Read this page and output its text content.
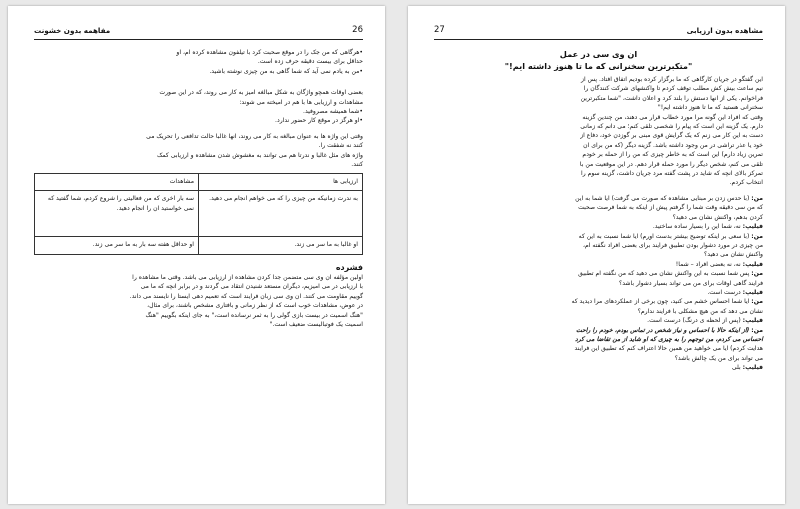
26
مفاهمه بدون خشونت

•هرگاهی که من جک را در موقع صحبت کرد با تیلفون مشاهده کرده ام، او

حداقل برای بیست دقیقه حرف زده است.

•من به یادم نمی آید که شما گاهی به من چیزی نوشته باشید.

بعضی اوقات همچو واژگان به شکل مبالغه امیز به کار می روند، که در این صورت

مشاهدات و ارزیابی ها با هم در امیخته می شوند:

•شما همیشه مصروفید.

•او هرگز در موقع کار حضور ندارد.

وقتی این واژه ها به عنوان مبالغه به کار می روند، انها غالبا حالت تدافعی را تحریک می

کنند نه شفقت را.

واژه های مثل غالبا و ندرتا هم می توانند به مغشوش شدن مشاهده و ارزیابی کمک

کنند.

ارزیابی ها	مشاهدات
به ندرت زمانیکه من چیزی را که می خواهم انجام می دهید.	سه بار اخری که من فعالیتی را شروع کردم، شما گفتید که نمی خواستید ان را انجام دهید.
او غالبا به ما سر می زند.	او حداقل هفته سه بار به ما سر می زند.

فشرده

اولین مؤلفه ان وی سی متضمن جدا کردن مشاهده از ارزیابی می باشد. وقتی ما مشاهده را

با ارزیابی در می امیزیم، دیگران مستعد شنیدن انتقاد می گردند و در برابر انچه که ما می

گوییم مقاومت می کنند. ان وی سی زبان فرایند است که تعمیم دهی ایستا را نایسند می داند.

در عوض، مشاهدات خوب است که از نظر زمانی و بافتاری مشخص باشند، برای مثال،

"هنگ اسمیت در بیست بازی گولی را به ثمر نرسانده است،" به جای اینکه بگوییم "هنگ

اسمیت یک فوتبالیست ضعیف است."

27	مشاهده بدون ارزیابی

ان وی سی در عمل

"متکبرترین سخنرانی که ما تا هنوز داشته ایم!"

این گفتگو در جریان کارگاهی که ما برگزار کرده بودیم اتفاق افتاد. پس از

نیم ساعت بیش کش مطلب توقف کردم تا واکنشهای شرکت کنندگان را

فراخوانم. یکی از انها دستش را بلند کرد و اعلان داشت، "شما متکبرترین

سخنرانی هستید که ما تا هنوز داشته ایم!"

وقتی که افراد این گونه مرا مورد خطاب قرار می دهند، من چندین گزینه

دارم. یک گزینه این است که پیام را شخصی تلقی کنم؛ می دانم که زمانی

دست به این کار می زنم که یک گرایش قوی مبنی بر گوزدن خود، دفاع از

خود یا عذر تراشی در من وجود داشته باشد. گزینه دیگر (که من برای ان

تمرین زیاد دارم) این است که به خاطر چیزی که من را از حمله بر خودم

تلقی می کنم، شخص دیگر را مورد حمله قرار دهم. در این موقعیت من با

تمرکز بالای انچه که شاید در پشت گفته مرد جریان داشت، گزینه سوم را

انتخاب کردم.

من: (با حدس زدن بر مبنایی مشاهده که صورت می گرفت) ایا شما به این

که من سی دقیقه وقت شما را گرفتم پیش از اینکه به شما فرصت صحبت

کردن بدهم، واکنش نشان می دهید؟

فیلیپ: نه، شما این را بسیار ساده ساختید.

من: (با سعی بر اینکه توضیح بیشتر بدست اورم) ایا شما نسبت به این که

من چیزی در مورد دشوار بودن تطبیق فرایند برای بعضی افراد نگفته ام،

واکنش نشان می دهید؟

فیلیپ: نه، نه بعضی افراد – شما!

من: پس شما نسبت به این واکنش نشان می دهید که من نگفته ام تطبیق

فرایند گاهی اوقات برای من می تواند بسیار دشوار باشد؟

فیلیپ: درست است.

من: ایا شما احساس خشم می کنید، چون برخی از عملکردهای مرا دیدید که

نشان می دهد که من هیچ مشکلی با فرایند ندارم؟

فیلیپ: (پس از لحظه ی درنگ) درست است.

من: (از اینکه حالا با احساس و نیاز شخص در تماس بودم، خودم را راحت

احساس می کردم، من توجهم را به چیزی که او شاید از من تقاضا می کرد

هدایت کردم) ایا می خواهید من همین حالا اعتراف کنم که تطبیق این فرایند

می تواند برای من یک چالش باشد؟

فیلیپ: بلی
